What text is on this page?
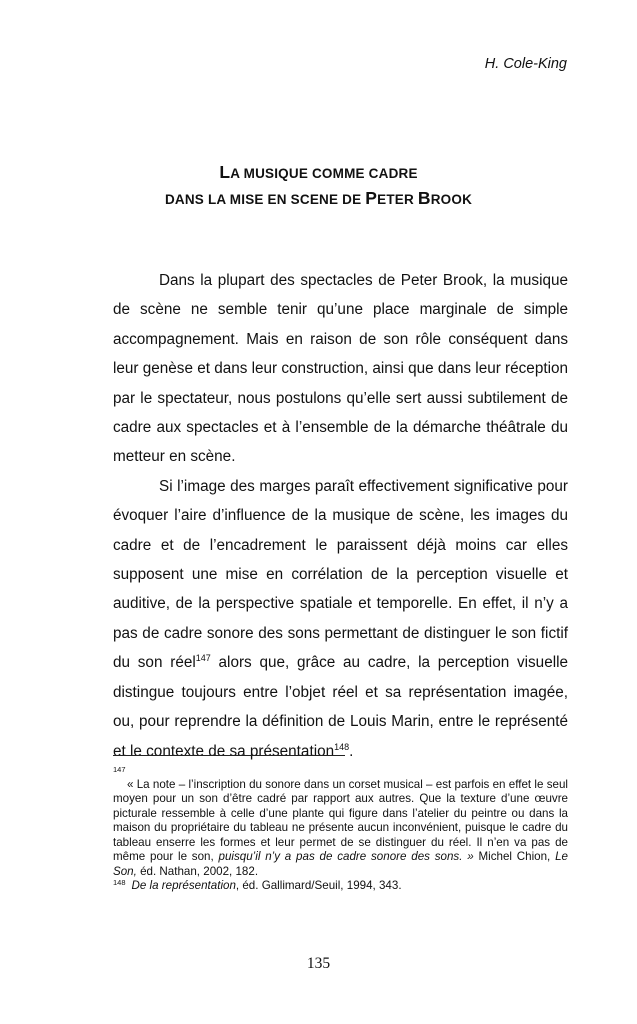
H. Cole-King
LA MUSIQUE COMME CADRE
DANS LA MISE EN SCENE DE PETER BROOK

Dans la plupart des spectacles de Peter Brook, la musique de scène ne semble tenir qu’une place marginale de simple accompagnement. Mais en raison de son rôle conséquent dans leur genèse et dans leur construction, ainsi que dans leur réception par le spectateur, nous postulons qu’elle sert aussi subtilement de cadre aux spectacles et à l’ensemble de la démarche théâtrale du metteur en scène.

Si l’image des marges paraît effectivement significative pour évoquer l’aire d’influence de la musique de scène, les images du cadre et de l’encadrement le paraissent déjà moins car elles supposent une mise en corrélation de la perception visuelle et auditive, de la perspective spatiale et temporelle. En effet, il n’y a pas de cadre sonore des sons permettant de distinguer le son fictif du son réel$^{147}$ alors que, grâce au cadre, la perception visuelle distingue toujours entre l’objet réel et sa représentation imagée, ou, pour reprendre la définition de Louis Marin, entre le représenté et le contexte de sa présentation$^{148}$.

$^{147}$
« La note – l’inscription du sonore dans un corset musical – est parfois en effet le seul moyen pour un son d’être cadré par rapport aux autres. Que la texture d’une œuvre picturale ressemble à celle d’une plante qui figure dans l’atelier du peintre ou dans la maison du propriétaire du tableau ne présente aucun inconvénient, puisque le cadre du tableau enserre les formes et leur permet de se distinguer du réel. Il n’en va pas de même pour le son, puisqu’il n’y a pas de cadre sonore des sons. » Michel Chion, Le Son, éd. Nathan, 2002, 182.
$^{148}$ De la représentation, éd. Gallimard/Seuil, 1994, 343.
135
